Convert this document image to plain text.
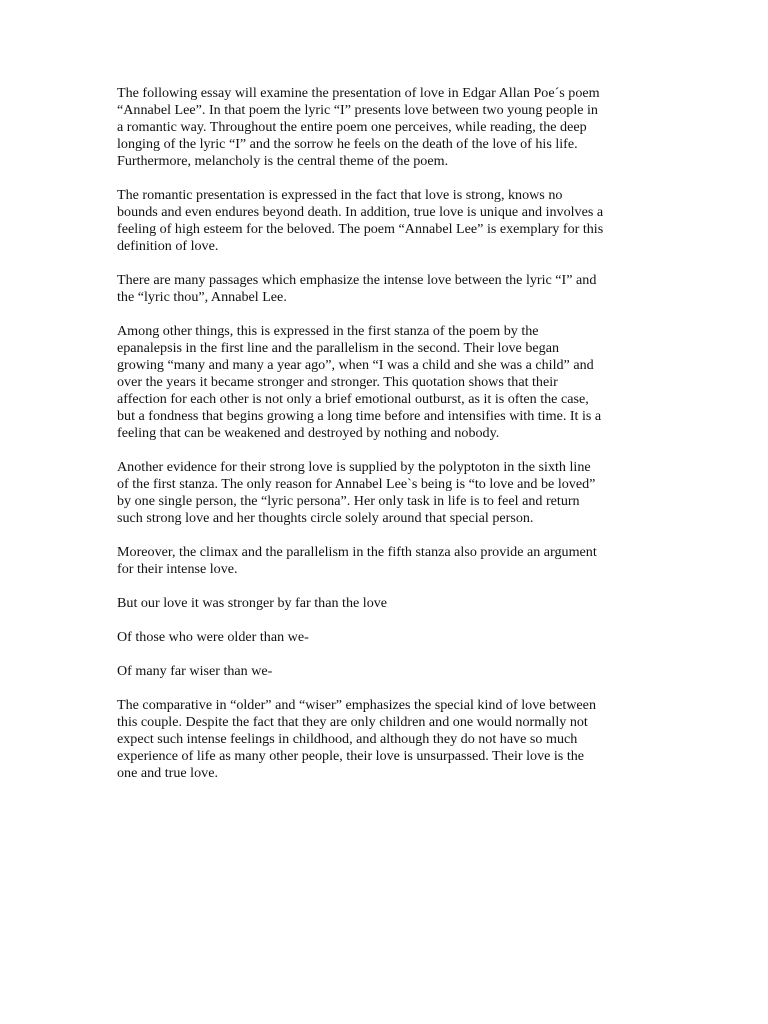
The following essay will examine the presentation of love in Edgar Allan Poe´s poem
“Annabel Lee”. In that poem the lyric “I” presents love between two young people in
a romantic way. Throughout the entire poem one perceives, while reading, the deep
longing of the lyric “I” and the sorrow he feels on the death of the love of his life.
Furthermore, melancholy is the central theme of the poem.

The romantic presentation is expressed in the fact that love is strong, knows no
bounds and even endures beyond death. In addition, true love is unique and involves a
feeling of high esteem for the beloved. The poem “Annabel Lee” is exemplary for this
definition of love.

There are many passages which emphasize the intense love between the lyric “I” and
the “lyric thou”, Annabel Lee.

Among other things, this is expressed in the first stanza of the poem by the
epanalepsis in the first line and the parallelism in the second. Their love began
growing “many and many a year ago”, when “I was a child and she was a child” and
over the years it became stronger and stronger. This quotation shows that their
affection for each other is not only a brief emotional outburst, as it is often the case,
but a fondness that begins growing a long time before and intensifies with time. It is a
feeling that can be weakened and destroyed by nothing and nobody.

Another evidence for their strong love is supplied by the polyptoton in the sixth line
of the first stanza. The only reason for Annabel Lee`s being is “to love and be loved”
by one single person, the “lyric persona”. Her only task in life is to feel and return
such strong love and her thoughts circle solely around that special person.

Moreover, the climax and the parallelism in the fifth stanza also provide an argument
for their intense love.

But our love it was stronger by far than the love

Of those who were older than we-

Of many far wiser than we-

The comparative in “older” and “wiser” emphasizes the special kind of love between
this couple. Despite the fact that they are only children and one would normally not
expect such intense feelings in childhood, and although they do not have so much
experience of life as many other people, their love is unsurpassed. Their love is the
one and true love.
